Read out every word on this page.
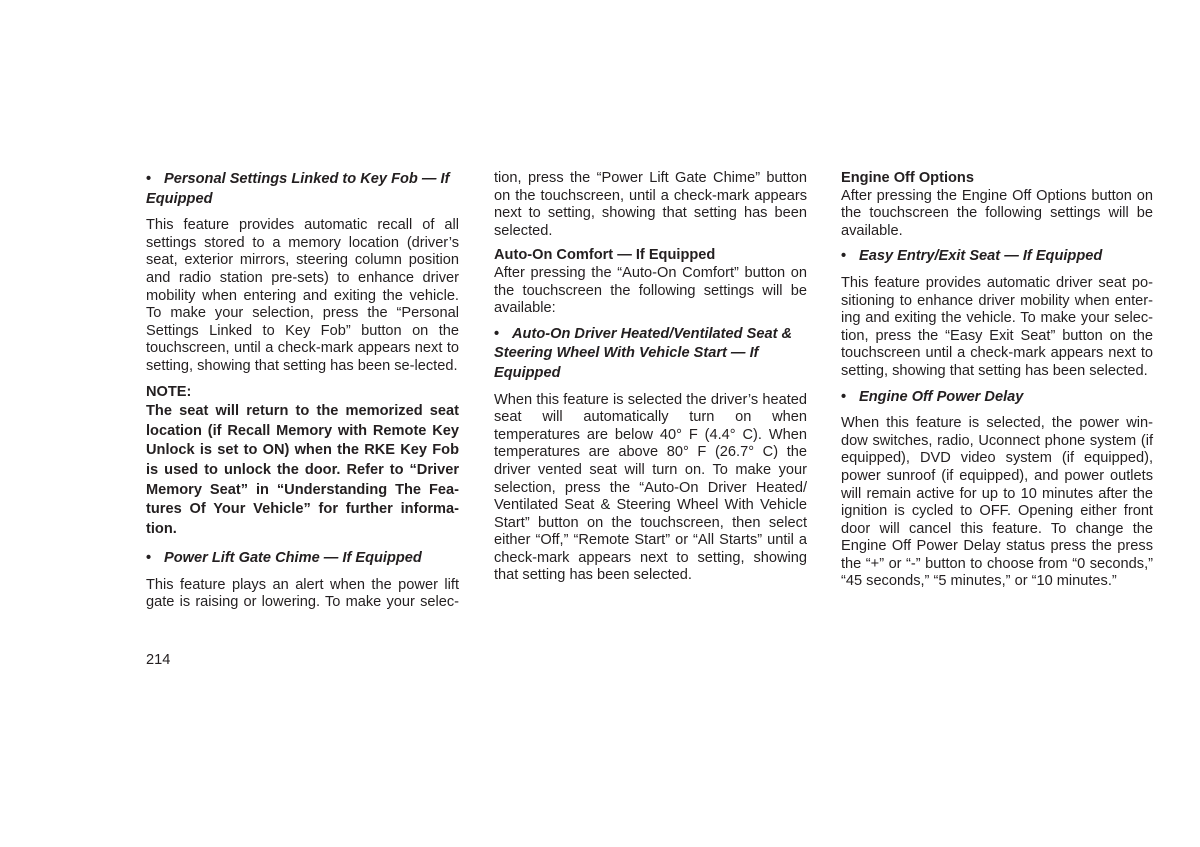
• Personal Settings Linked to Key Fob — If Equipped

This feature provides automatic recall of all settings stored to a memory location (driver’s seat, exterior mirrors, steering column position and radio station pre-sets) to enhance driver mobility when entering and exiting the vehicle. To make your selection, press the “Personal Settings Linked to Key Fob” button on the touchscreen, until a check-mark appears next to setting, showing that setting has been se-lected.

NOTE:

The seat will return to the memorized seat location (if Recall Memory with Remote Key Unlock is set to ON) when the RKE Key Fob is used to unlock the door. Refer to “Driver Memory Seat” in “Understanding The Fea-tures Of Your Vehicle” for further informa-tion.

• Power Lift Gate Chime — If Equipped

This feature plays an alert when the power lift gate is raising or lowering. To make your selec-

tion, press the “Power Lift Gate Chime” button on the touchscreen, until a check-mark appears next to setting, showing that setting has been selected.

Auto-On Comfort — If Equipped

After pressing the “Auto-On Comfort” button on the touchscreen the following settings will be available:

• Auto-On Driver Heated/Ventilated Seat & Steering Wheel With Vehicle Start — If Equipped

When this feature is selected the driver’s heated seat will automatically turn on when temperatures are below 40° F (4.4° C). When temperatures are above 80° F (26.7° C) the driver vented seat will turn on. To make your selection, press the “Auto-On Driver Heated/ Ventilated Seat & Steering Wheel With Vehicle Start” button on the touchscreen, then select either “Off,” “Remote Start” or “All Starts” until a check-mark appears next to setting, showing that setting has been selected.

Engine Off Options

After pressing the Engine Off Options button on the touchscreen the following settings will be available.

• Easy Entry/Exit Seat — If Equipped

This feature provides automatic driver seat po-sitioning to enhance driver mobility when enter-ing and exiting the vehicle. To make your selec-tion, press the “Easy Exit Seat” button on the touchscreen until a check-mark appears next to setting, showing that setting has been selected.

• Engine Off Power Delay

When this feature is selected, the power win-dow switches, radio, Uconnect phone system (if equipped), DVD video system (if equipped), power sunroof (if equipped), and power outlets will remain active for up to 10 minutes after the ignition is cycled to OFF. Opening either front door will cancel this feature. To change the Engine Off Power Delay status press the press the “+” or “-” button to choose from “0 seconds,” “45 seconds,” “5 minutes,” or “10 minutes.”

214
